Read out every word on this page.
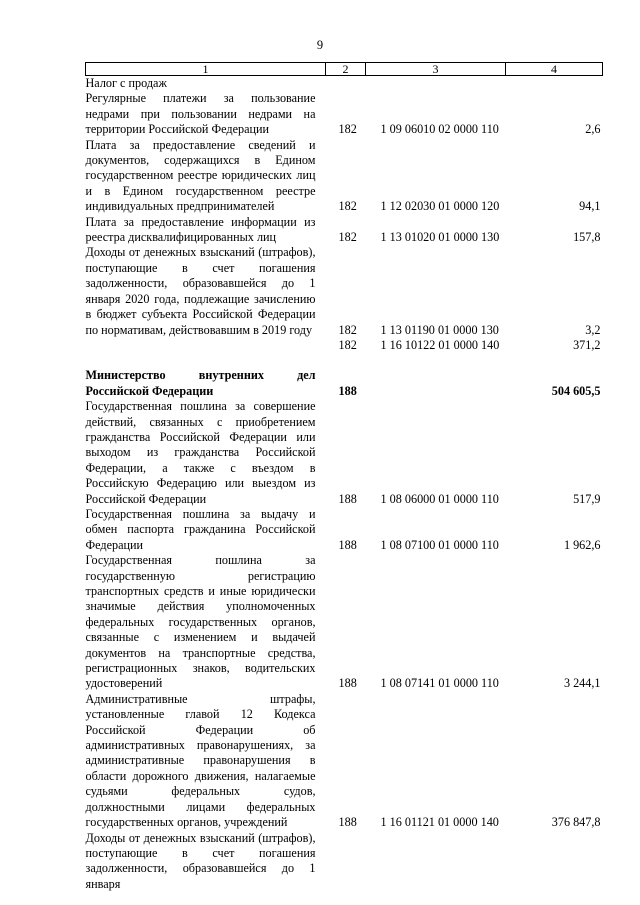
9
1	2	3	4
Налог с продаж			
Регулярные платежи за пользование недрами при пользовании недрами на территории Российской Федерации	182	1 09 06010 02 0000 110	2,6
Плата за предоставление сведений и документов, содержащихся в Едином государственном реестре юридических лиц и в Едином государственном реестре индивидуальных предпринимателей	182	1 12 02030 01 0000 120	94,1
Плата за предоставление информации из реестра дисквалифицированных лиц	182	1 13 01020 01 0000 130	157,8
Доходы от денежных взысканий (штрафов), поступающие в счет погашения задолженности, образовавшейся до 1 января 2020 года, подлежащие зачислению в бюджет субъекта Российской Федерации по нормативам, действовавшим в 2019 году	182	1 13 01190 01 0000 130	3,2
	182	1 16 10122 01 0000 140	371,2

Министерство внутренних дел Российской Федерации	188		504 605,5
Государственная пошлина за совершение действий, связанных с приобретением гражданства Российской Федерации или выходом из гражданства Российской Федерации, а также с въездом в Российскую Федерацию или выездом из Российской Федерации	188	1 08 06000 01 0000 110	517,9
Государственная пошлина за выдачу и обмен паспорта гражданина Российской Федерации	188	1 08 07100 01 0000 110	1 962,6
Государственная пошлина за государственную регистрацию транспортных средств и иные юридически значимые действия уполномоченных федеральных государственных органов, связанные с изменением и выдачей документов на транспортные средства, регистрационных знаков, водительских удостоверений	188	1 08 07141 01 0000 110	3 244,1
Административные штрафы, установленные главой 12 Кодекса Российской Федерации об административных правонарушениях, за административные правонарушения в области дорожного движения, налагаемые судьями федеральных судов, должностными лицами федеральных государственных органов, учреждений	188	1 16 01121 01 0000 140	376 847,8
Доходы от денежных взысканий (штрафов), поступающие в счет погашения задолженности, образовавшейся до 1 января			
